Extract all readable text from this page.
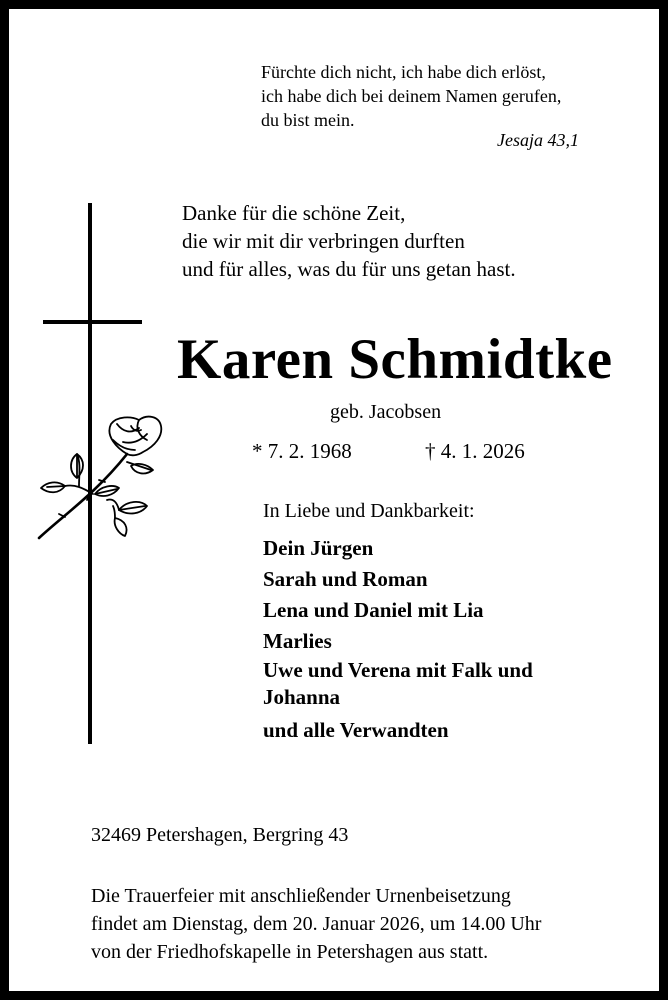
Fürchte dich nicht, ich habe dich erlöst,
ich habe dich bei deinem Namen gerufen,
du bist mein.
Jesaja 43,1
Danke für die schöne Zeit,
die wir mit dir verbringen durften
und für alles, was du für uns getan hast.
Karen Schmidtke
geb. Jacobsen
* 7. 2. 1968	† 4. 1. 2026
In Liebe und Dankbarkeit:
Dein Jürgen
Sarah und Roman
Lena und Daniel mit Lia
Marlies
Uwe und Verena mit Falk und Johanna
und alle Verwandten
32469 Petershagen, Bergring 43
Die Trauerfeier mit anschließender Urnenbeisetzung
findet am Dienstag, dem 20. Januar 2026, um 14.00 Uhr
von der Friedhofskapelle in Petershagen aus statt.
